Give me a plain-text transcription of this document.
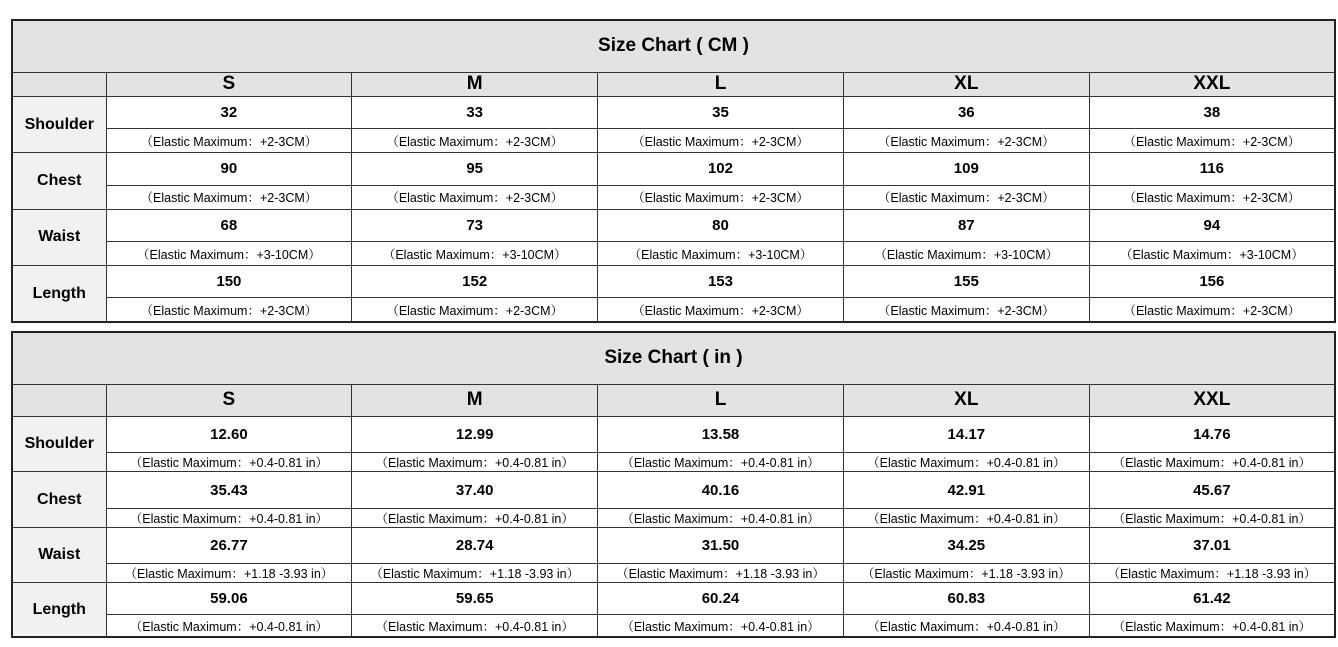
Size Chart ( CM )					
	S	M	L	XL	XXL
Shoulder	32	33	35	36	38
	（Elastic Maximum：+2-3CM）	（Elastic Maximum：+2-3CM）	（Elastic Maximum：+2-3CM）	（Elastic Maximum：+2-3CM）	（Elastic Maximum：+2-3CM）
Chest	90	95	102	109	116
	（Elastic Maximum：+2-3CM）	（Elastic Maximum：+2-3CM）	（Elastic Maximum：+2-3CM）	（Elastic Maximum：+2-3CM）	（Elastic Maximum：+2-3CM）
Waist	68	73	80	87	94
	（Elastic Maximum：+3-10CM）	（Elastic Maximum：+3-10CM）	（Elastic Maximum：+3-10CM）	（Elastic Maximum：+3-10CM）	（Elastic Maximum：+3-10CM）
Length	150	152	153	155	156
	（Elastic Maximum：+2-3CM）	（Elastic Maximum：+2-3CM）	（Elastic Maximum：+2-3CM）	（Elastic Maximum：+2-3CM）	（Elastic Maximum：+2-3CM）
Size Chart ( in )					
	S	M	L	XL	XXL
Shoulder	12.60	12.99	13.58	14.17	14.76
	（Elastic Maximum：+0.4-0.81 in）	（Elastic Maximum：+0.4-0.81 in）	（Elastic Maximum：+0.4-0.81 in）	（Elastic Maximum：+0.4-0.81 in）	（Elastic Maximum：+0.4-0.81 in）
Chest	35.43	37.40	40.16	42.91	45.67
	（Elastic Maximum：+0.4-0.81 in）	（Elastic Maximum：+0.4-0.81 in）	（Elastic Maximum：+0.4-0.81 in）	（Elastic Maximum：+0.4-0.81 in）	（Elastic Maximum：+0.4-0.81 in）
Waist	26.77	28.74	31.50	34.25	37.01
	（Elastic Maximum：+1.18 -3.93 in）	（Elastic Maximum：+1.18 -3.93 in）	（Elastic Maximum：+1.18 -3.93 in）	（Elastic Maximum：+1.18 -3.93 in）	（Elastic Maximum：+1.18 -3.93 in）
Length	59.06	59.65	60.24	60.83	61.42
	（Elastic Maximum：+0.4-0.81 in）	（Elastic Maximum：+0.4-0.81 in）	（Elastic Maximum：+0.4-0.81 in）	（Elastic Maximum：+0.4-0.81 in）	（Elastic Maximum：+0.4-0.81 in）
